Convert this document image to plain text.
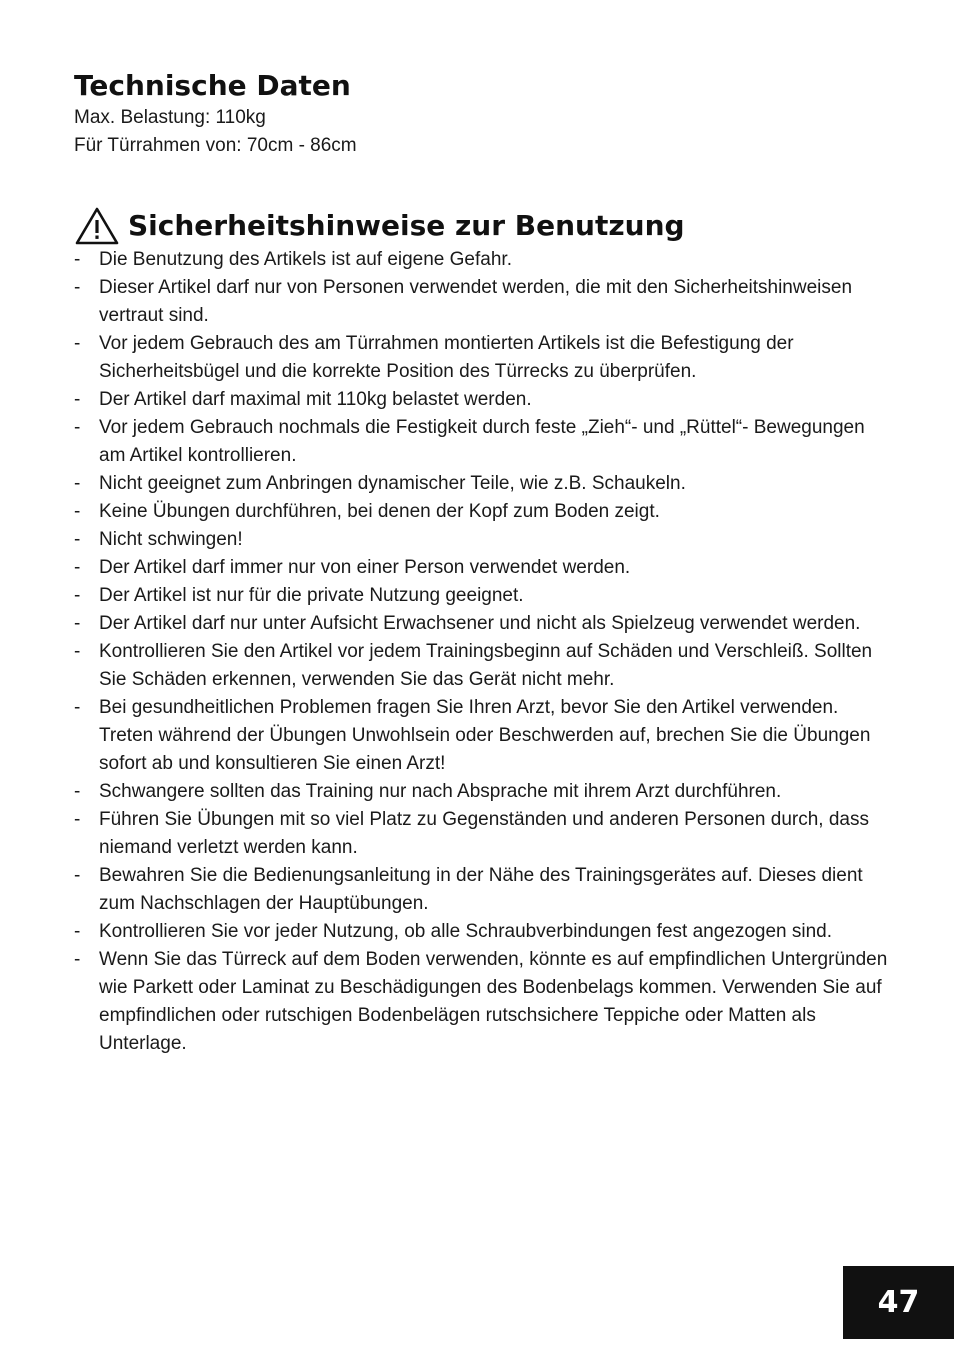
Technische Daten

Max. Belastung: 110kg

Für Türrahmen von: 70cm - 86cm

Sicherheitshinweise zur Benutzung
- Die Benutzung des Artikels ist auf eigene Gefahr.
- Dieser Artikel darf nur von Personen verwendet werden, die mit den Sicherheitshinweisen vertraut sind.
- Vor jedem Gebrauch des am Türrahmen montierten Artikels ist die Befestigung der Sicherheitsbügel und die korrekte Position des Türrecks zu überprüfen.
- Der Artikel darf maximal mit 110kg belastet werden.
- Vor jedem Gebrauch nochmals die Festigkeit durch feste „Zieh“- und „Rüttel“- Bewegungen am Artikel kontrollieren.
- Nicht geeignet zum Anbringen dynamischer Teile, wie z.B. Schaukeln.
- Keine Übungen durchführen, bei denen der Kopf zum Boden zeigt.
- Nicht schwingen!
- Der Artikel darf immer nur von einer Person verwendet werden.
- Der Artikel ist nur für die private Nutzung geeignet.
- Der Artikel darf nur unter Aufsicht Erwachsener und nicht als Spielzeug verwendet werden.
- Kontrollieren Sie den Artikel vor jedem Trainingsbeginn auf Schäden und Verschleiß. Sollten Sie Schäden erkennen, verwenden Sie das Gerät nicht mehr.
- Bei gesundheitlichen Problemen fragen Sie Ihren Arzt, bevor Sie den Artikel verwenden. Treten während der Übungen Unwohlsein oder Beschwerden auf, brechen Sie die Übungen sofort ab und konsultieren Sie einen Arzt!
- Schwangere sollten das Training nur nach Absprache mit ihrem Arzt durchführen.
- Führen Sie Übungen mit so viel Platz zu Gegenständen und anderen Personen durch, dass niemand verletzt werden kann.
- Bewahren Sie die Bedienungsanleitung in der Nähe des Trainingsgerätes auf. Dieses dient zum Nachschlagen der Hauptübungen.
- Kontrollieren Sie vor jeder Nutzung, ob alle Schraubverbindungen fest angezogen sind.
- Wenn Sie das Türreck auf dem Boden verwenden, könnte es auf empfindlichen Untergründen wie Parkett oder Laminat zu Beschädigungen des Bodenbelags kommen. Verwenden Sie auf empfindlichen oder rutschigen Bodenbelägen rutschsichere Teppiche oder Matten als Unterlage.
47
